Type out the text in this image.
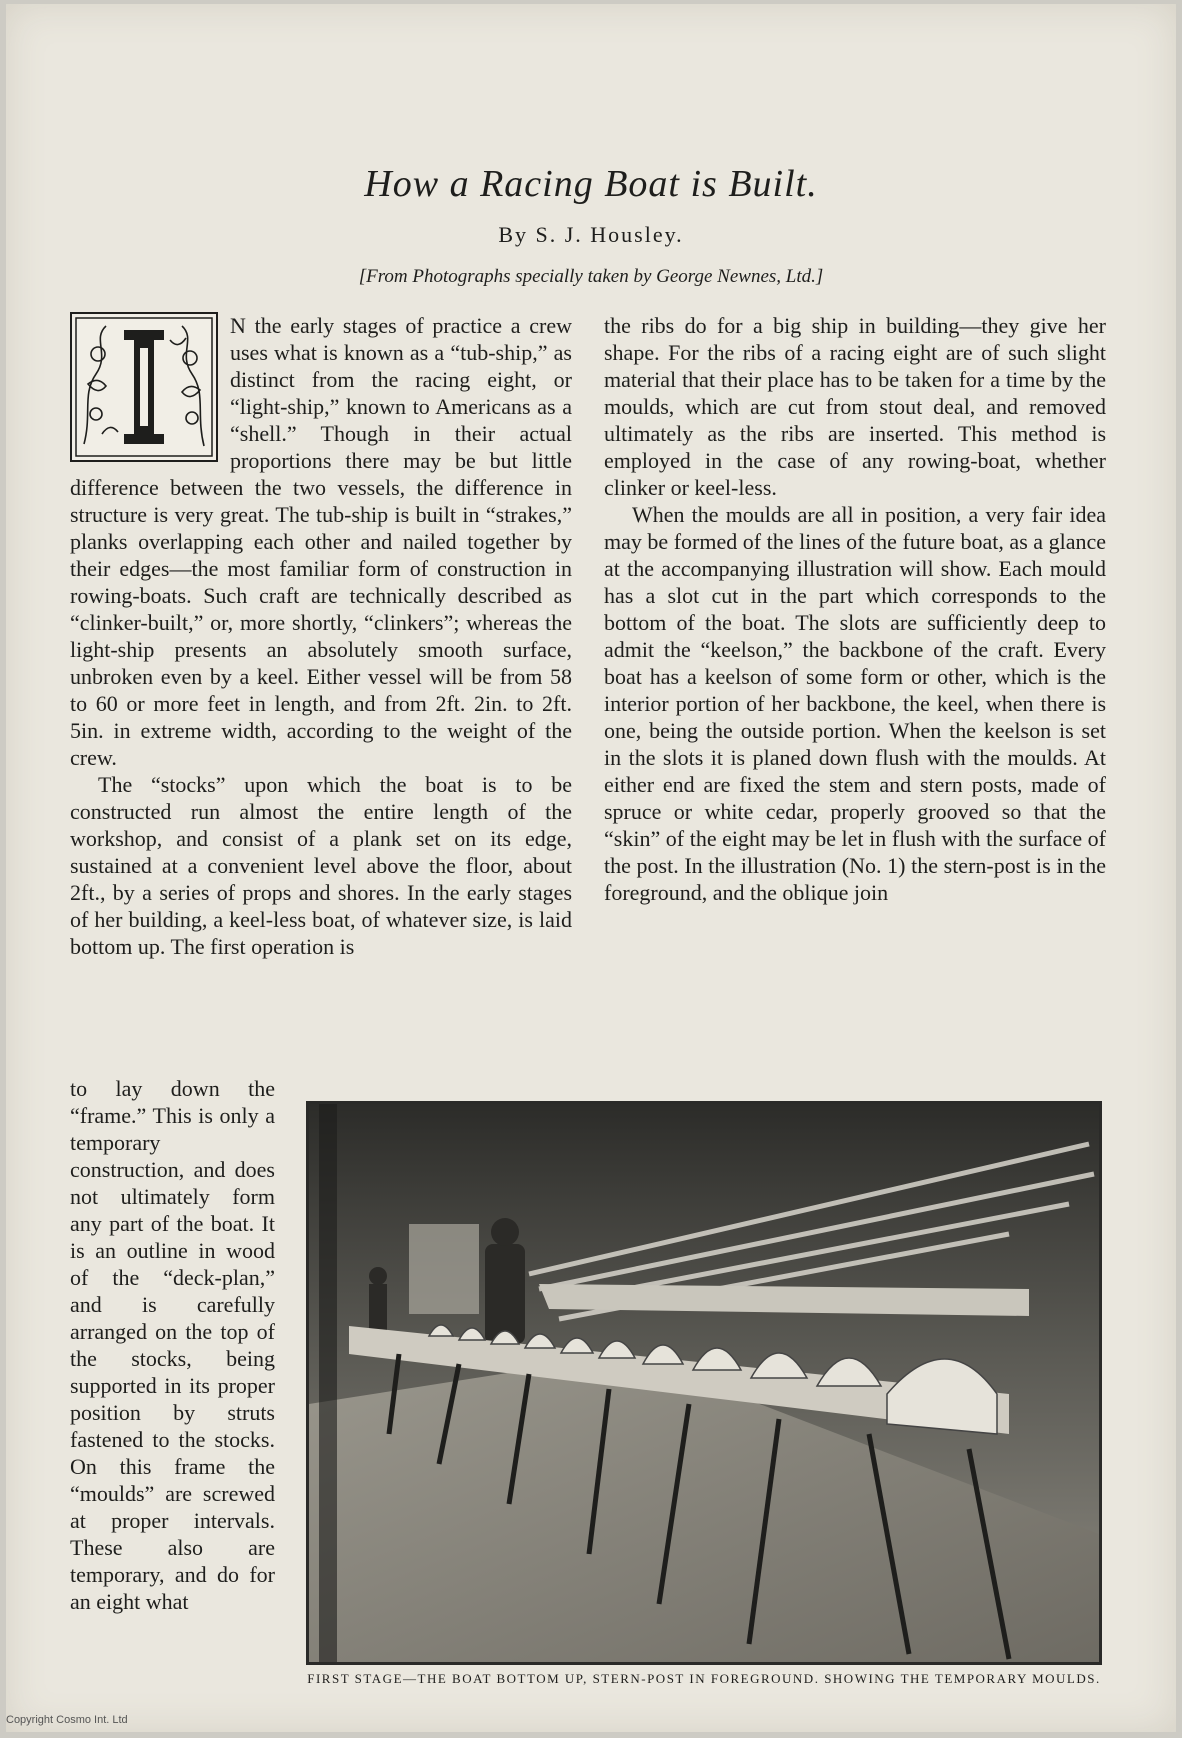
How a Racing Boat is Built.
By S. J. Housley.
[From Photographs specially taken by George Newnes, Ltd.]
I	N the early stages of practice a crew uses what is known as a “tub-ship,” as distinct from the racing eight, or “light-ship,” known to Americans as a “shell.” Though in their actual proportions there may be but little difference between the two vessels, the difference in structure is very great. The tub-ship is built in “strakes,” planks overlapping each other and nailed together by their edges—the most familiar form of construction in rowing-boats. Such craft are technically described as “clinker-built,” or, more shortly, “clinkers”; whereas the light-ship presents an absolutely smooth surface, unbroken even by a keel. Either vessel will be from 58 to 60 or more feet in length, and from 2ft. 2in. to 2ft. 5in. in extreme width, according to the weight of the crew.

The “stocks” upon which the boat is to be constructed run almost the entire length of the workshop, and consist of a plank set on its edge, sustained at a convenient level above the floor, about 2ft., by a series of props and shores. In the early stages of her building, a keel-less boat, of whatever size, is laid bottom up. The first operation is

to lay down the “frame.” This is only a temporary construction, and does not ultimately form any part of the boat. It is an outline in wood of the “deck-plan,” and is carefully arranged on the top of the stocks, being supported in its proper position by struts fastened to the stocks. On this frame the “moulds” are screwed at proper intervals. These also are temporary, and do for an eight what

the ribs do for a big ship in building—they give her shape. For the ribs of a racing eight are of such slight material that their place has to be taken for a time by the moulds, which are cut from stout deal, and removed ultimately as the ribs are inserted. This method is employed in the case of any rowing-boat, whether clinker or keel-less.

When the moulds are all in position, a very fair idea may be formed of the lines of the future boat, as a glance at the accompanying illustration will show. Each mould has a slot cut in the part which corresponds to the bottom of the boat. The slots are sufficiently deep to admit the “keelson,” the backbone of the craft. Every boat has a keelson of some form or other, which is the interior portion of her backbone, the keel, when there is one, being the outside portion. When the keelson is set in the slots it is planed down flush with the moulds. At either end are fixed the stem and stern posts, made of spruce or white cedar, properly grooved so that the “skin” of the eight may be let in flush with the surface of the post. In the illustration (No. 1) the stern-post is in the foreground, and the oblique join

FIRST STAGE—THE BOAT BOTTOM UP, STERN-POST IN FOREGROUND. SHOWING THE TEMPORARY MOULDS.
Copyright Cosmo Int. Ltd
